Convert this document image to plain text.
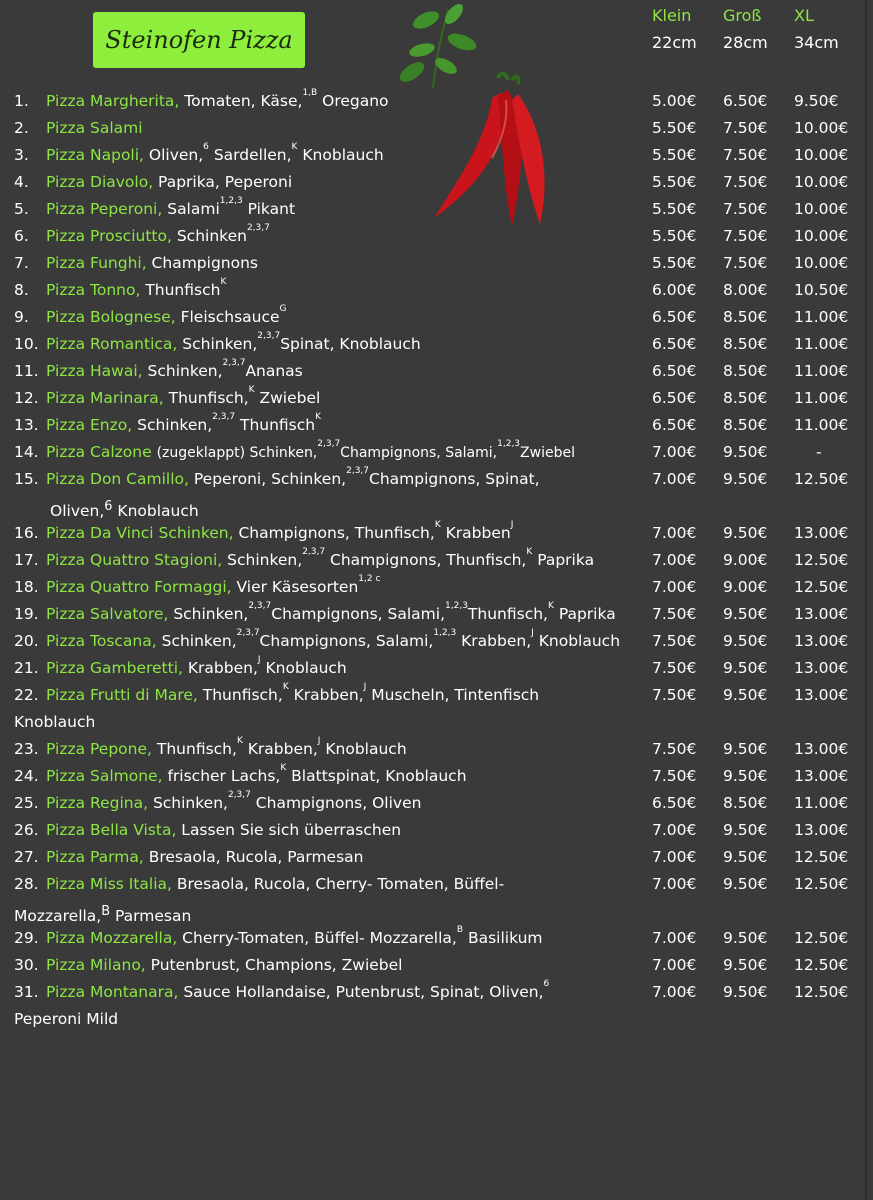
Steinofen Pizza
Klein Groß XL
22cm 28cm 34cm
1. Pizza Margherita, Tomaten, Käse,$^{1,B}$ Oregano	5.00€ 6.50€ 9.50€
2. Pizza Salami	5.50€ 7.50€ 10.00€
3. Pizza Napoli, Oliven,$^6$ Sardellen,$^K$ Knoblauch	5.50€ 7.50€ 10.00€
4. Pizza Diavolo, Paprika, Peperoni	5.50€ 7.50€ 10.00€
5. Pizza Peperoni, Salami$^{1,2,3}$ Pikant	5.50€ 7.50€ 10.00€
6. Pizza Prosciutto, Schinken$^{2,3,7}$	5.50€ 7.50€ 10.00€
7. Pizza Funghi, Champignons	5.50€ 7.50€ 10.00€
8. Pizza Tonno, Thunfisch$^K$	6.00€ 8.00€ 10.50€
9. Pizza Bolognese, Fleischsauce$^G$	6.50€ 8.50€ 11.00€
10. Pizza Romantica, Schinken,$^{2,3,7}$Spinat, Knoblauch	6.50€ 8.50€ 11.00€
11. Pizza Hawai, Schinken,$^{2,3,7}$Ananas	6.50€ 8.50€ 11.00€
12. Pizza Marinara, Thunfisch,$^K$ Zwiebel	6.50€ 8.50€ 11.00€
13. Pizza Enzo, Schinken,$^{2,3,7}$ Thunfisch$^K$	6.50€ 8.50€ 11.00€
14. Pizza Calzone (zugeklappt) Schinken,$^{2,3,7}$Champignons, Salami,$^{1,2,3}$Zwiebel	7.00€ 9.50€	-
15. Pizza Don Camillo, Peperoni, Schinken,$^{2,3,7}$Champignons, Spinat,	7.00€ 9.50€ 12.50€
Oliven,$^6$ Knoblauch
16. Pizza Da Vinci Schinken, Champignons, Thunfisch,$^K$ Krabben$^J$	7.00€ 9.50€ 13.00€
17. Pizza Quattro Stagioni, Schinken,$^{2,3,7}$ Champignons, Thunfisch,$^K$ Paprika	7.00€ 9.00€ 12.50€
18. Pizza Quattro Formaggi, Vier Käsesorten$^{1,2 c}$	7.00€ 9.00€ 12.50€
19. Pizza Salvatore, Schinken,$^{2,3,7}$Champignons, Salami,$^{1,2,3}$Thunfisch,$^K$ Paprika	7.50€ 9.50€ 13.00€
20. Pizza Toscana, Schinken,$^{2,3,7}$Champignons, Salami,$^{1,2,3}$ Krabben,$^J$ Knoblauch	7.50€ 9.50€ 13.00€
21. Pizza Gamberetti, Krabben,$^J$ Knoblauch	7.50€ 9.50€ 13.00€
22. Pizza Frutti di Mare, Thunfisch,$^K$ Krabben,$^J$ Muscheln, Tintenfisch	7.50€ 9.50€ 13.00€
Knoblauch
23. Pizza Pepone, Thunfisch,$^K$ Krabben,$^J$ Knoblauch	7.50€ 9.50€ 13.00€
24. Pizza Salmone, frischer Lachs,$^K$ Blattspinat, Knoblauch	7.50€ 9.50€ 13.00€
25. Pizza Regina, Schinken,$^{2,3,7}$ Champignons, Oliven	6.50€ 8.50€ 11.00€
26. Pizza Bella Vista, Lassen Sie sich überraschen	7.00€ 9.50€ 13.00€
27. Pizza Parma, Bresaola, Rucola, Parmesan	7.00€ 9.50€ 12.50€
28. Pizza Miss Italia, Bresaola, Rucola, Cherry- Tomaten, Büffel-	7.00€ 9.50€ 12.50€
Mozzarella,$^B$ Parmesan
29. Pizza Mozzarella, Cherry-Tomaten, Büffel- Mozzarella,$^B$ Basilikum	7.00€ 9.50€ 12.50€
30. Pizza Milano, Putenbrust, Champions, Zwiebel	7.00€ 9.50€ 12.50€
31. Pizza Montanara, Sauce Hollandaise, Putenbrust, Spinat, Oliven,$^6$	7.00€ 9.50€ 12.50€
Peperoni Mild
